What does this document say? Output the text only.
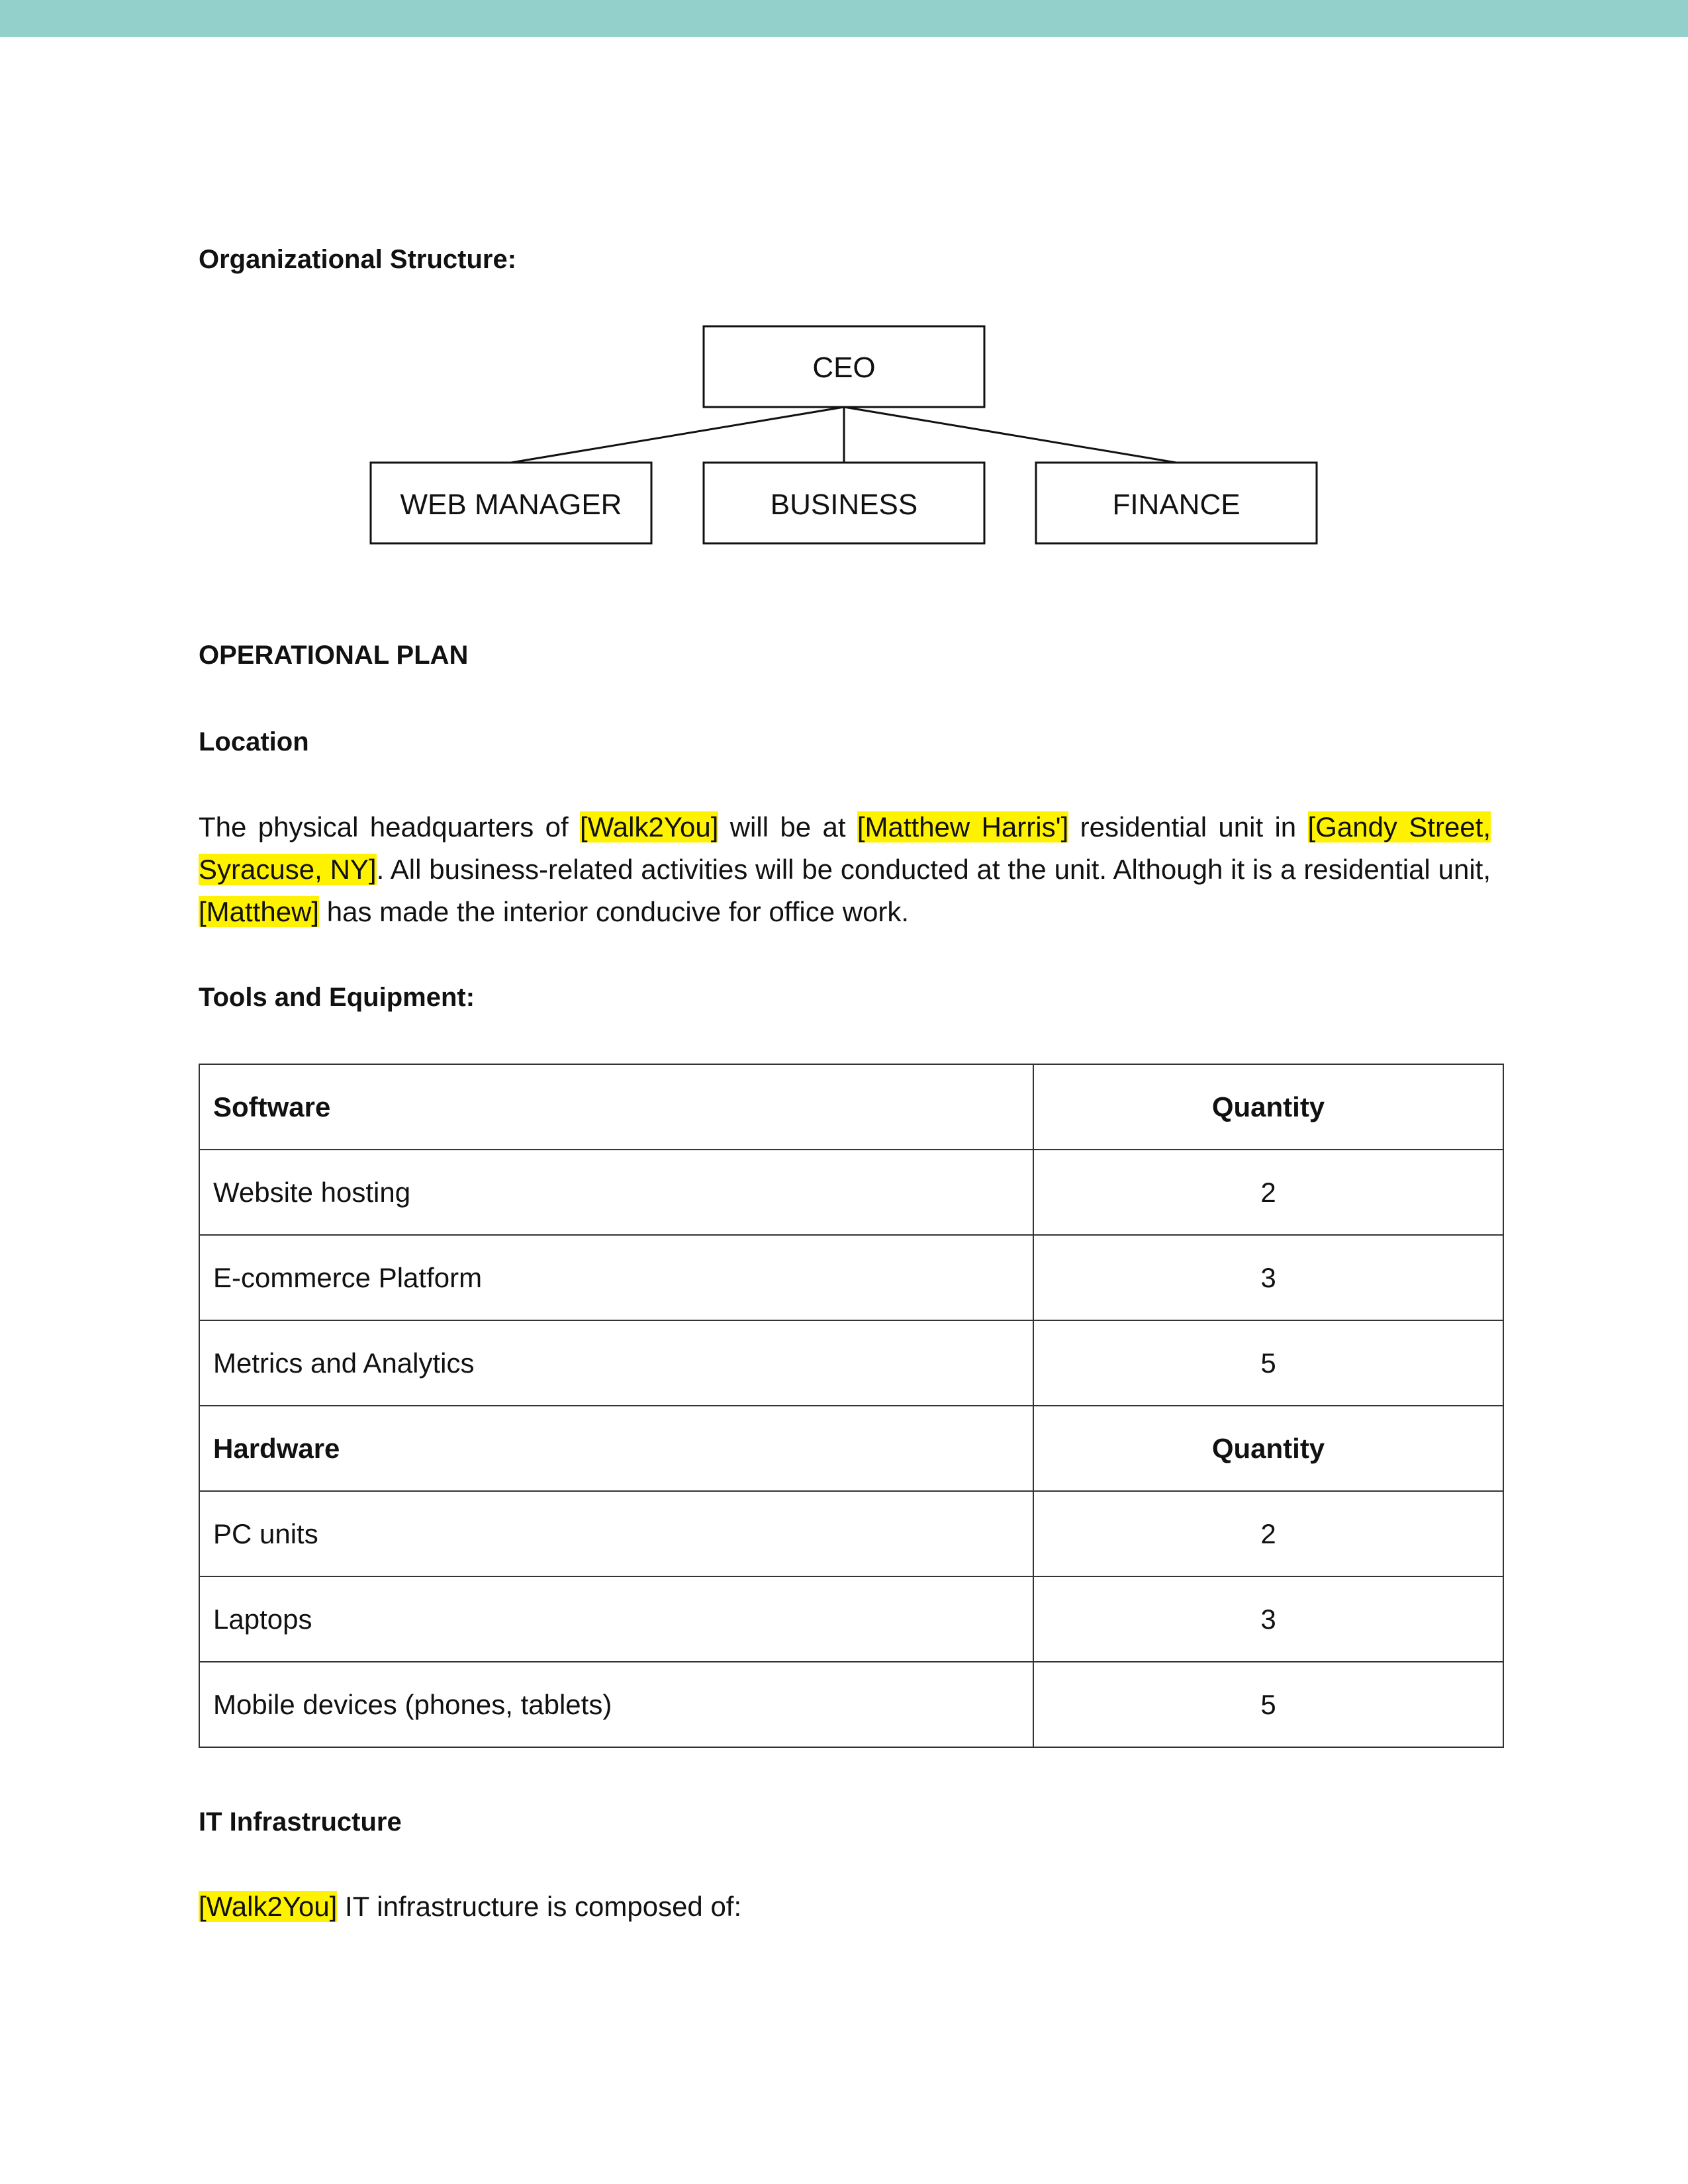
Organizational Structure:
CEO
WEB MANAGER	BUSINESS	FINANCE
OPERATIONAL PLAN
Location
The physical headquarters of [Walk2You] will be at [Matthew Harris'] residential unit in [Gandy Street, Syracuse, NY]. All business-related activities will be conducted at the unit. Although it is a residential unit, [Matthew] has made the interior conducive for office work.
Tools and Equipment:
Software	Quantity
Website hosting	2
E-commerce Platform	3
Metrics and Analytics	5
Hardware	Quantity
PC units	2
Laptops	3
Mobile devices (phones, tablets)	5
IT Infrastructure
[Walk2You] IT infrastructure is composed of:
